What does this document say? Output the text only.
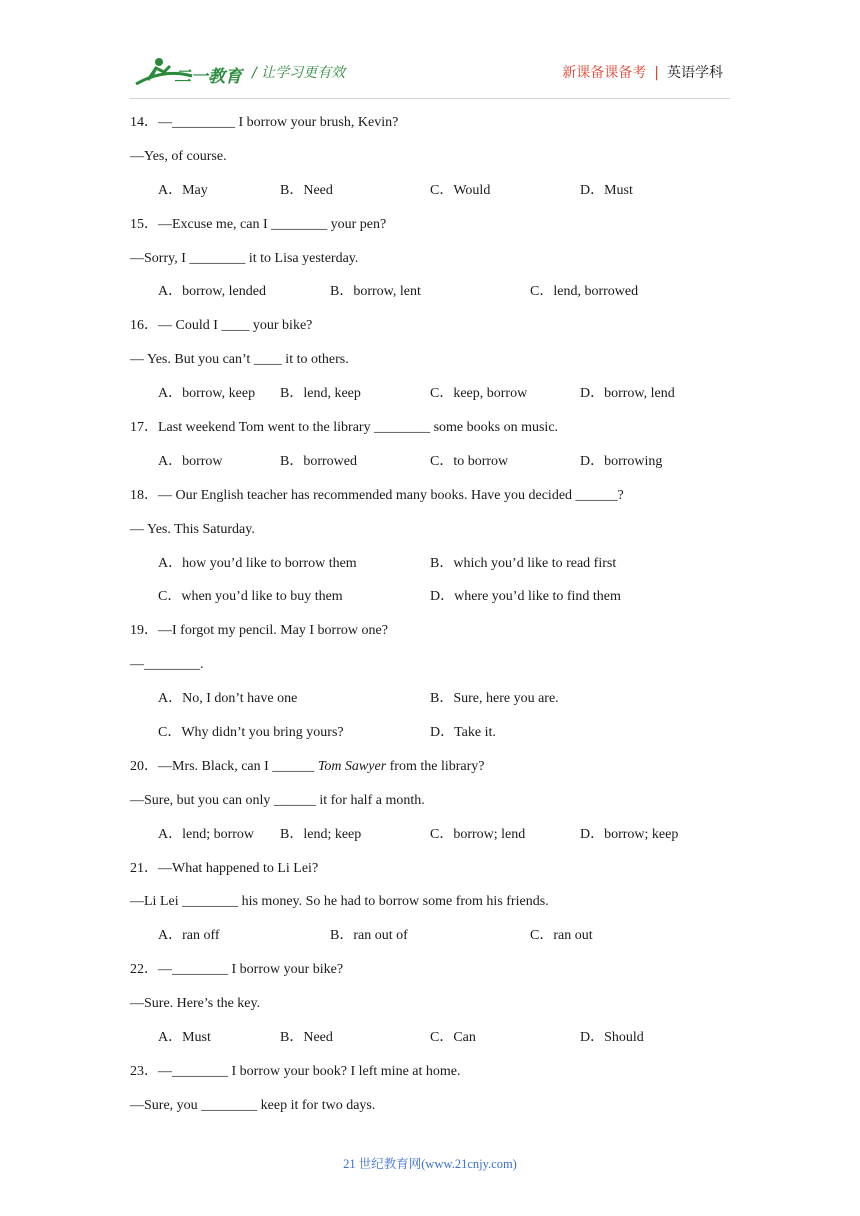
二一教育 / 让学习更有效	新课备课备考 | 英语学科
14．—_________ I borrow your brush, Kevin?
—Yes, of course.
A．May	B．Need	C．Would	D．Must
15．—Excuse me, can I ________ your pen?
—Sorry, I ________ it to Lisa yesterday.
A．borrow, lended	B．borrow, lent	C．lend, borrowed
16．— Could I ____ your bike?
— Yes. But you can’t ____ it to others.
A．borrow, keep B．lend, keep	C．keep, borrow	D．borrow, lend
17．Last weekend Tom went to the library ________ some books on music.
A．borrow	B．borrowed	C．to borrow	D．borrowing
18．— Our English teacher has recommended many books. Have you decided ______?
— Yes. This Saturday.
A．how you’d like to borrow them	B．which you’d like to read first
C．when you’d like to buy them	D．where you’d like to find them
19．—I forgot my pencil. May I borrow one?
—________.
A．No, I don’t have one	B．Sure, here you are.
C．Why didn’t you bring yours?	D．Take it.
20．—Mrs. Black, can I ______ Tom Sawyer from the library?
—Sure, but you can only ______ it for half a month.
A．lend; borrow B．lend; keep	C．borrow; lend	D．borrow; keep
21．—What happened to Li Lei?
—Li Lei ________ his money. So he had to borrow some from his friends.
A．ran off	B．ran out of	C．ran out
22．—________ I borrow your bike?
—Sure. Here’s the key.
A．Must	B．Need	C．Can	D．Should
23．—________ I borrow your book? I left mine at home.
—Sure, you ________ keep it for two days.
21 世纪教育网(www.21cnjy.com)
